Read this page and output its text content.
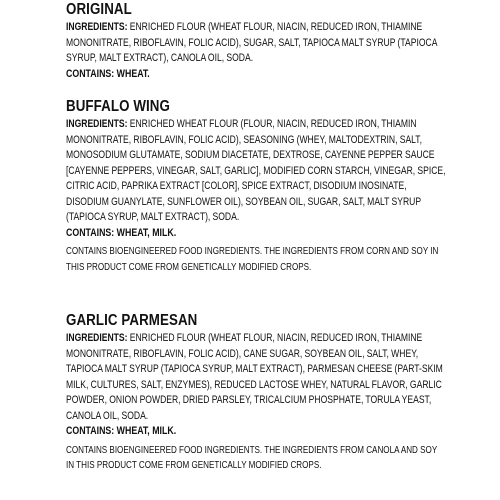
ORIGINAL

INGREDIENTS: ENRICHED FLOUR (WHEAT FLOUR, NIACIN, REDUCED IRON, THIAMINE MONONITRATE, RIBOFLAVIN, FOLIC ACID), SUGAR, SALT, TAPIOCA MALT SYRUP (TAPIOCA SYRUP, MALT EXTRACT), CANOLA OIL, SODA.

CONTAINS: WHEAT.

BUFFALO WING

INGREDIENTS: ENRICHED WHEAT FLOUR (FLOUR, NIACIN, REDUCED IRON, THIAMIN MONONITRATE, RIBOFLAVIN, FOLIC ACID), SEASONING (WHEY, MALTODEXTRIN, SALT, MONOSODIUM GLUTAMATE, SODIUM DIACETATE, DEXTROSE, CAYENNE PEPPER SAUCE [CAYENNE PEPPERS, VINEGAR, SALT, GARLIC], MODIFIED CORN STARCH, VINEGAR, SPICE, CITRIC ACID, PAPRIKA EXTRACT [COLOR], SPICE EXTRACT, DISODIUM INOSINATE, DISODIUM GUANYLATE, SUNFLOWER OIL), SOYBEAN OIL, SUGAR, SALT, MALT SYRUP (TAPIOCA SYRUP, MALT EXTRACT), SODA.

CONTAINS: WHEAT, MILK.

CONTAINS BIOENGINEERED FOOD INGREDIENTS. THE INGREDIENTS FROM CORN AND SOY IN THIS PRODUCT COME FROM GENETICALLY MODIFIED CROPS.

GARLIC PARMESAN

INGREDIENTS: ENRICHED FLOUR (WHEAT FLOUR, NIACIN, REDUCED IRON, THIAMINE MONONITRATE, RIBOFLAVIN, FOLIC ACID), CANE SUGAR, SOYBEAN OIL, SALT, WHEY, TAPIOCA MALT SYRUP (TAPIOCA SYRUP, MALT EXTRACT), PARMESAN CHEESE (PART-SKIM MILK, CULTURES, SALT, ENZYMES), REDUCED LACTOSE WHEY, NATURAL FLAVOR, GARLIC POWDER, ONION POWDER, DRIED PARSLEY, TRICALCIUM PHOSPHATE, TORULA YEAST, CANOLA OIL, SODA.

CONTAINS: WHEAT, MILK.

CONTAINS BIOENGINEERED FOOD INGREDIENTS. THE INGREDIENTS FROM CANOLA AND SOY IN THIS PRODUCT COME FROM GENETICALLY MODIFIED CROPS.
